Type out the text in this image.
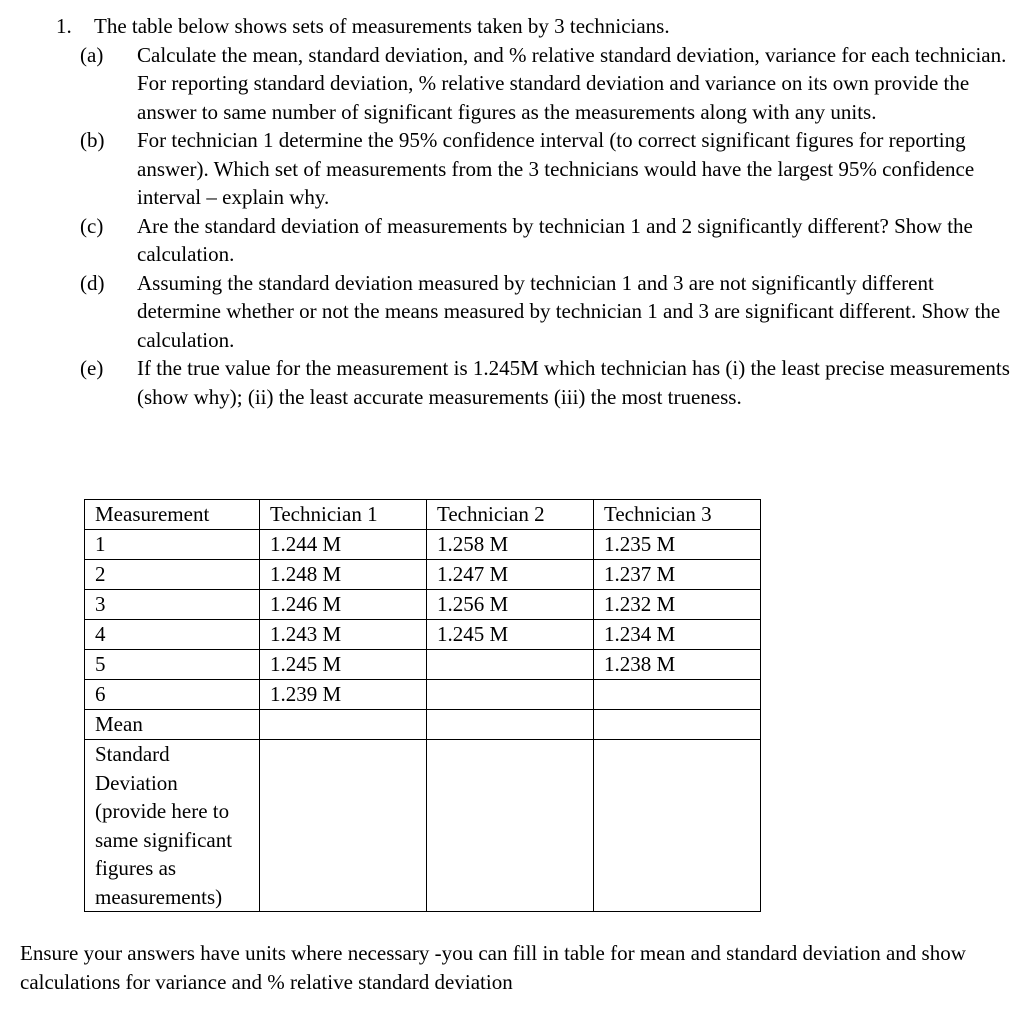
1.	The table below shows sets of measurements taken by 3 technicians.
(a)	Calculate the mean, standard deviation, and % relative standard deviation, variance for each technician. For reporting standard deviation, % relative standard deviation and variance on its own provide the answer to same number of significant figures as the measurements along with any units.
(b)	For technician 1 determine the 95% confidence interval (to correct significant figures for reporting answer). Which set of measurements from the 3 technicians would have the largest 95% confidence interval – explain why.
(c)	Are the standard deviation of measurements by technician 1 and 2 significantly different? Show the calculation.
(d)	Assuming the standard deviation measured by technician 1 and 3 are not significantly different determine whether or not the means measured by technician 1 and 3 are significant different. Show the calculation.
(e)	If the true value for the measurement is 1.245M which technician has (i) the least precise measurements (show why); (ii) the least accurate measurements (iii) the most trueness.
Measurement	Technician 1	Technician 2	Technician 3
1	1.244 M	1.258 M	1.235 M
2	1.248 M	1.247 M	1.237 M
3	1.246 M	1.256 M	1.232 M
4	1.243 M	1.245 M	1.234 M
5	1.245 M		1.238 M
6	1.239 M		
Mean			
Standard Deviation (provide here to same significant figures as measurements)			
Ensure your answers have units where necessary -you can fill in table for mean and standard deviation and show calculations for variance and % relative standard deviation
